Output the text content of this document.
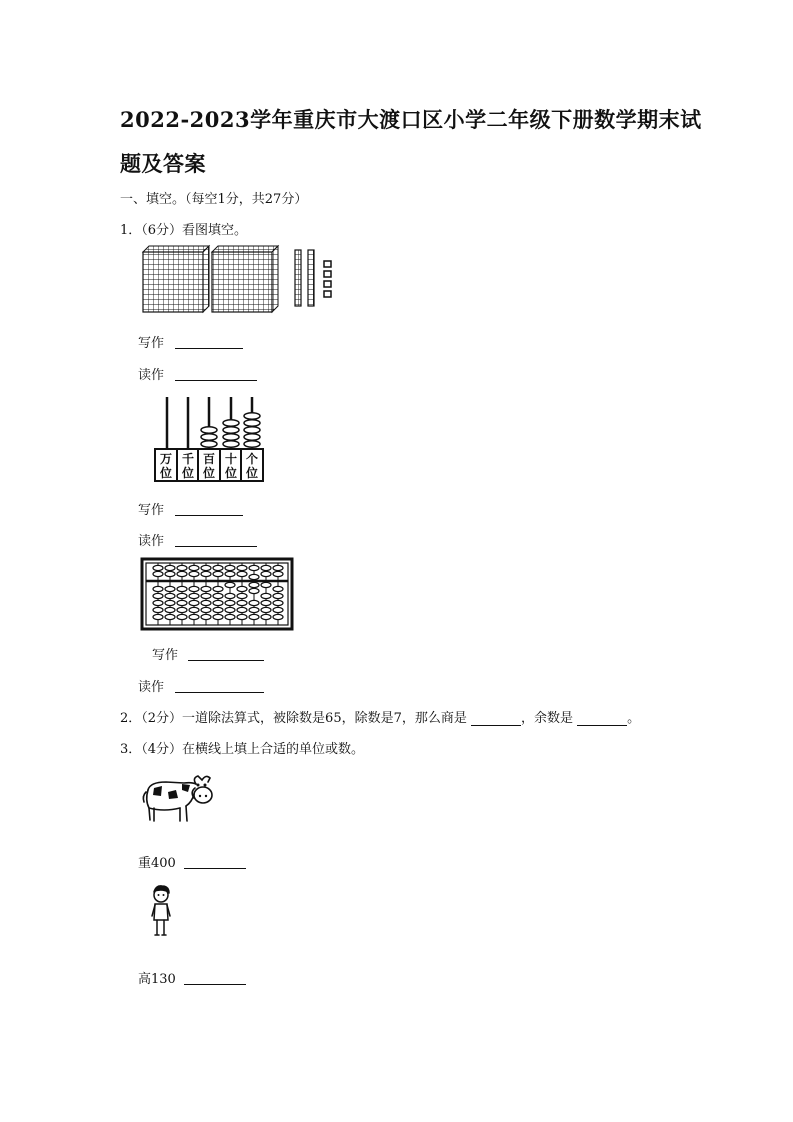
2022-2023学年重庆市大渡口区小学二年级下册数学期末试
题及答案
一、填空。（每空1分，共27分）
1．（6分）看图填空。
写作
读作
万
位
千
位
百
位
十
位
个
位
写作
读作
写作
读作
2．（2分）一道除法算式，被除数是65，除数是7，那么商是	，余数是	。
3．（4分）在横线上填上合适的单位或数。
重400
高130
